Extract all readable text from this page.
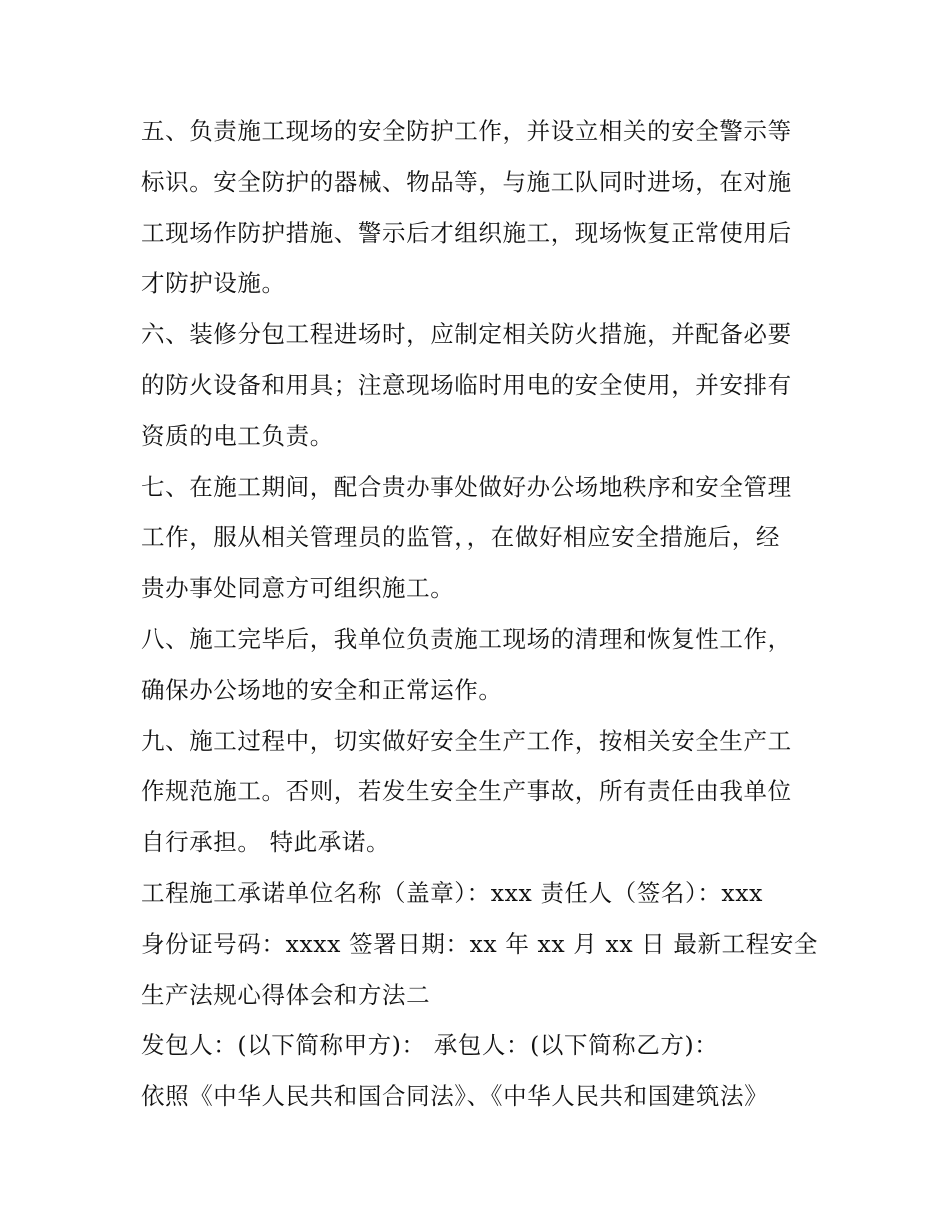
五、负责施工现场的安全防护工作，并设立相关的安全警示等

标识。安全防护的器械、物品等，与施工队同时进场，在对施

工现场作防护措施、警示后才组织施工，现场恢复正常使用后

才防护设施。

六、装修分包工程进场时，应制定相关防火措施，并配备必要

的防火设备和用具；注意现场临时用电的安全使用，并安排有

资质的电工负责。

七、在施工期间，配合贵办事处做好办公场地秩序和安全管理

工作，服从相关管理员的监管，，在做好相应安全措施后，经

贵办事处同意方可组织施工。

八、施工完毕后，我单位负责施工现场的清理和恢复性工作，

确保办公场地的安全和正常运作。

九、施工过程中，切实做好安全生产工作，按相关安全生产工

作规范施工。否则，若发生安全生产事故，所有责任由我单位

自行承担。 特此承诺。

工程施工承诺单位名称（盖章）：xxx 责任人（签名）：xxx

身份证号码：xxxx 签署日期：xx 年 xx 月 xx 日 最新工程安全

生产法规心得体会和方法二

发包人：(以下简称甲方)： 承包人：(以下简称乙方)：

依照《中华人民共和国合同法》、《中华人民共和国建筑法》
